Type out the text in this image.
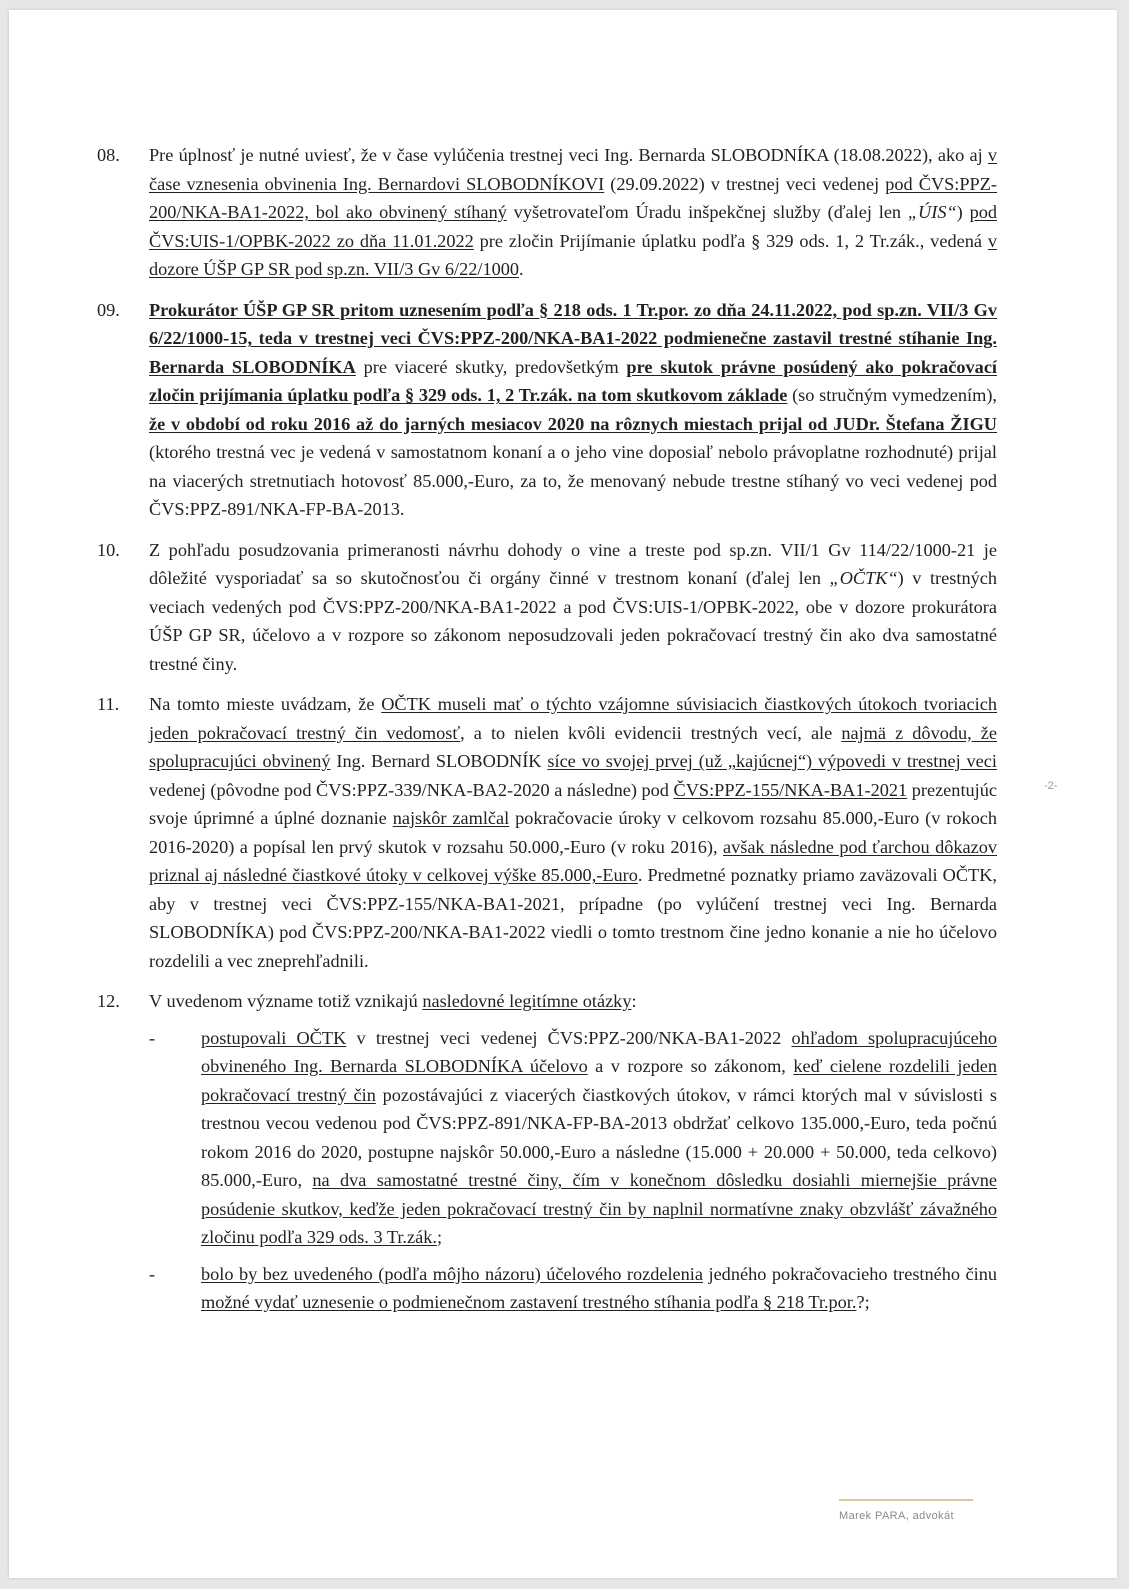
08.	Pre úplnosť je nutné uviesť, že v čase vylúčenia trestnej veci Ing. Bernarda SLOBODNÍKA (18.08.2022), ako aj v čase vznesenia obvinenia Ing. Bernardovi SLOBODNÍKOVI (29.09.2022) v trestnej veci vedenej pod ČVS:PPZ-200/NKA-BA1-2022, bol ako obvinený stíhaný vyšetrovateľom Úradu inšpekčnej služby (ďalej len „ÚIS“) pod ČVS:UIS-1/OPBK-2022 zo dňa 11.01.2022 pre zločin Prijímanie úplatku podľa § 329 ods. 1, 2 Tr.zák., vedená v dozore ÚŠP GP SR pod sp.zn. VII/3 Gv 6/22/1000.
09.	Prokurátor ÚŠP GP SR pritom uznesením podľa § 218 ods. 1 Tr.por. zo dňa 24.11.2022, pod sp.zn. VII/3 Gv 6/22/1000-15, teda v trestnej veci ČVS:PPZ-200/NKA-BA1-2022 podmienečne zastavil trestné stíhanie Ing. Bernarda SLOBODNÍKA pre viaceré skutky, predovšetkým pre skutok právne posúdený ako pokračovací zločin prijímania úplatku podľa § 329 ods. 1, 2 Tr.zák. na tom skutkovom základe (so stručným vymedzením), že v období od roku 2016 až do jarných mesiacov 2020 na rôznych miestach prijal od JUDr. Štefana ŽIGU (ktorého trestná vec je vedená v samostatnom konaní a o jeho vine doposiaľ nebolo právoplatne rozhodnuté) prijal na viacerých stretnutiach hotovosť 85.000,-Euro, za to, že menovaný nebude trestne stíhaný vo veci vedenej pod ČVS:PPZ-891/NKA-FP-BA-2013.
10.	Z pohľadu posudzovania primeranosti návrhu dohody o vine a treste pod sp.zn. VII/1 Gv 114/22/1000-21 je dôležité vysporiadať sa so skutočnosťou či orgány činné v trestnom konaní (ďalej len „OČTK“) v trestných veciach vedených pod ČVS:PPZ-200/NKA-BA1-2022 a pod ČVS:UIS-1/OPBK-2022, obe v dozore prokurátora ÚŠP GP SR, účelovo a v rozpore so zákonom neposudzovali jeden pokračovací trestný čin ako dva samostatné trestné činy.
11.	Na tomto mieste uvádzam, že OČTK museli mať o týchto vzájomne súvisiacich čiastkových útokoch tvoriacich jeden pokračovací trestný čin vedomosť, a to nielen kvôli evidencii trestných vecí, ale najmä z dôvodu, že spolupracujúci obvinený Ing. Bernard SLOBODNÍK síce vo svojej prvej (už „kajúcnej“) výpovedi v trestnej veci vedenej (pôvodne pod ČVS:PPZ-339/NKA-BA2-2020 a následne) pod ČVS:PPZ-155/NKA-BA1-2021 prezentujúc svoje úprimné a úplné doznanie najskôr zamlčal pokračovacie úroky v celkovom rozsahu 85.000,-Euro (v rokoch 2016-2020) a popísal len prvý skutok v rozsahu 50.000,-Euro (v roku 2016), avšak následne pod ťarchou dôkazov priznal aj následné čiastkové útoky v celkovej výške 85.000,-Euro. Predmetné poznatky priamo zaväzovali OČTK, aby v trestnej veci ČVS:PPZ-155/NKA-BA1-2021, prípadne (po vylúčení trestnej veci Ing. Bernarda SLOBODNÍKA) pod ČVS:PPZ-200/NKA-BA1-2022 viedli o tomto trestnom čine jedno konanie a nie ho účelovo rozdelili a vec zneprehľadnili.
12.	V uvedenom význame totiž vznikajú nasledovné legitímne otázky:
-	postupovali OČTK v trestnej veci vedenej ČVS:PPZ-200/NKA-BA1-2022 ohľadom spolupracujúceho obvineného Ing. Bernarda SLOBODNÍKA účelovo a v rozpore so zákonom, keď cielene rozdelili jeden pokračovací trestný čin pozostávajúci z viacerých čiastkových útokov, v rámci ktorých mal v súvislosti s trestnou vecou vedenou pod ČVS:PPZ-891/NKA-FP-BA-2013 obdržať celkovo 135.000,-Euro, teda počnú rokom 2016 do 2020, postupne najskôr 50.000,-Euro a následne (15.000 + 20.000 + 50.000, teda celkovo) 85.000,-Euro, na dva samostatné trestné činy, čím v konečnom dôsledku dosiahli miernejšie právne posúdenie skutkov, keďže jeden pokračovací trestný čin by naplnil normatívne znaky obzvlášť závažného zločinu podľa 329 ods. 3 Tr.zák.;
-	bolo by bez uvedeného (podľa môjho názoru) účelového rozdelenia jedného pokračovacieho trestného činu možné vydať uznesenie o podmienečnom zastavení trestného stíhania podľa § 218 Tr.por.?;
-2-
Marek PARA, advokát
